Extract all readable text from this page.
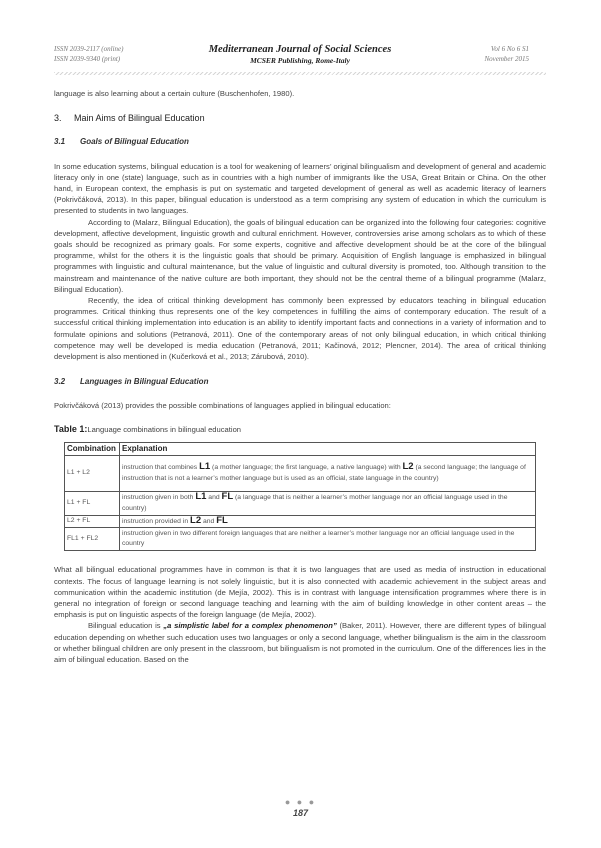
ISSN 2039-2117 (online)
ISSN 2039-9340 (print)
Mediterranean Journal of Social Sciences
MCSER Publishing, Rome-Italy
Vol 6 No 6 S1
November 2015

language is also learning about a certain culture (Buschenhofen, 1980).

3. Main Aims of Bilingual Education
3.1 Goals of Bilingual Education

In some education systems, bilingual education is a tool for weakening of learners’ original bilingualism and development of general and academic literacy only in one (state) language, such as in countries with a high number of immigrants like the USA, Great Britain or China. On the other hand, in European context, the emphasis is put on systematic and targeted development of general as well as academic literacy of learners (Pokrivčáková, 2013). In this paper, bilingual education is understood as a term comprising any system of education in which the curriculum is presented to students in two languages.

According to (Malarz, Bilingual Education), the goals of bilingual education can be organized into the following four categories: cognitive development, affective development, linguistic growth and cultural enrichment. However, controversies arise among scholars as to which of these goals should be recognized as primary goals. For some experts, cognitive and affective development should be at the core of the bilingual programme, whilst for the others it is the linguistic goals that should be primary. Acquisition of English language is emphasized in bilingual programmes with linguistic and cultural maintenance, but the value of linguistic and cultural diversity is promoted, too. Although transition to the mainstream and maintenance of the native culture are both important, they should not be the central theme of a bilingual programme (Malarz, Bilingual Education).

Recently, the idea of critical thinking development has commonly been expressed by educators teaching in bilingual education programmes. Critical thinking thus represents one of the key competences in fulfilling the aims of contemporary education. The result of a successful critical thinking implementation into education is an ability to identify important facts and connections in a variety of information and to formulate opinions and solutions (Petranová, 2011). One of the contemporary areas of not only bilingual education, in which critical thinking competence may well be developed is media education (Petranová, 2011; Kačinová, 2012; Plencner, 2014). The area of critical thinking development is also mentioned in (Kučerková et al., 2013; Zárubová, 2010).

3.2 Languages in Bilingual Education

Pokrivčáková (2013) provides the possible combinations of languages applied in bilingual education:

Table 1:Language combinations in bilingual education
Combination	Explanation
L1 + L2	instruction that combines L1 (a mother language; the first language, a native language) with L2 (a second language; the language of instruction that is not a learner’s mother language but is used as an official, state language in the country)
L1 + FL	instruction given in both L1 and FL (a language that is neither a learner’s mother language nor an official language used in the country)
L2 + FL	instruction provided in L2 and FL
FL1 + FL2	instruction given in two different foreign languages that are neither a learner’s mother language nor an official language used in the country

What all bilingual educational programmes have in common is that it is two languages that are used as media of instruction in educational contexts. The focus of language learning is not solely linguistic, but it is also connected with academic achievement in the subject areas and communication within the academic institution (de Mejía, 2002). This is in contrast with language intensification programmes where there is in general no integration of foreign or second language teaching and learning with the aim of building knowledge in other content areas – the emphasis is put on linguistic aspects of the foreign language (de Mejía, 2002).

Bilingual education is „a simplistic label for a complex phenomenon” (Baker, 2011). However, there are different types of bilingual education depending on whether such education uses two languages or only a second language, whether bilingualism is the aim in the classroom or whether bilingual children are only present in the classroom, but bilingualism is not promoted in the curriculum. One of the differences lies in the aim of bilingual education. Based on the

● ● ●
187
